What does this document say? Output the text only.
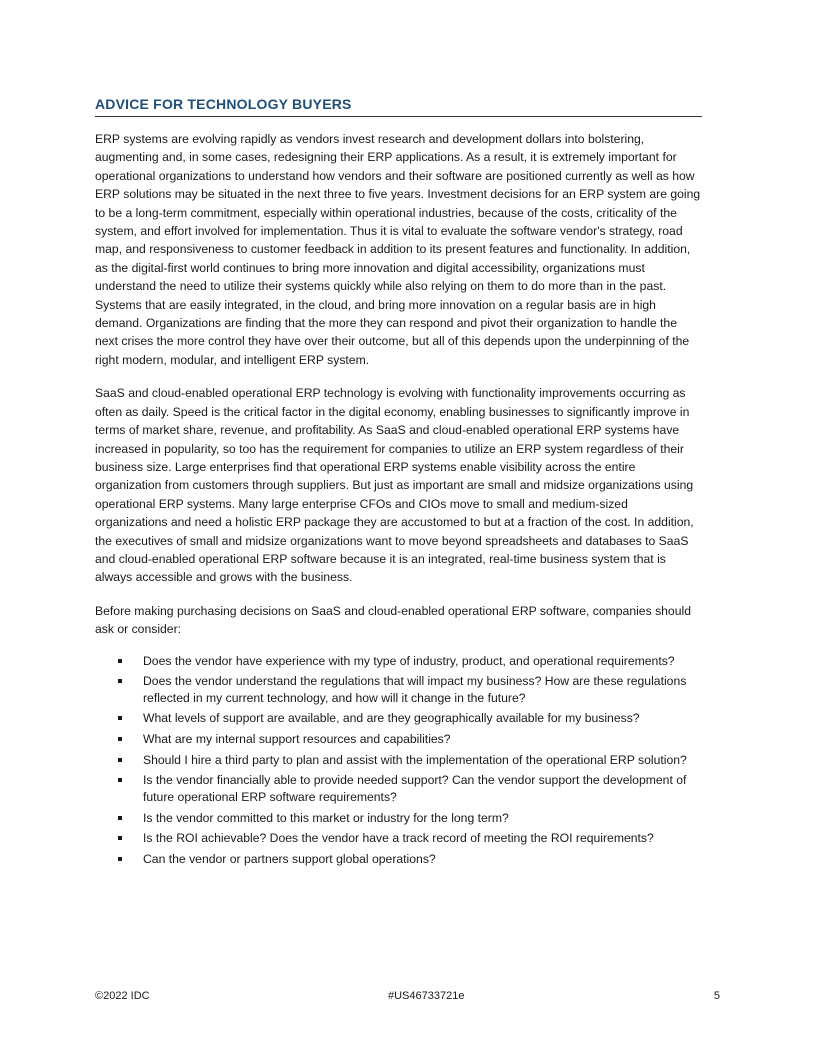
ADVICE FOR TECHNOLOGY BUYERS

ERP systems are evolving rapidly as vendors invest research and development dollars into bolstering, augmenting and, in some cases, redesigning their ERP applications. As a result, it is extremely important for operational organizations to understand how vendors and their software are positioned currently as well as how ERP solutions may be situated in the next three to five years. Investment decisions for an ERP system are going to be a long-term commitment, especially within operational industries, because of the costs, criticality of the system, and effort involved for implementation. Thus it is vital to evaluate the software vendor's strategy, road map, and responsiveness to customer feedback in addition to its present features and functionality. In addition, as the digital-first world continues to bring more innovation and digital accessibility, organizations must understand the need to utilize their systems quickly while also relying on them to do more than in the past. Systems that are easily integrated, in the cloud, and bring more innovation on a regular basis are in high demand. Organizations are finding that the more they can respond and pivot their organization to handle the next crises the more control they have over their outcome, but all of this depends upon the underpinning of the right modern, modular, and intelligent ERP system.

SaaS and cloud-enabled operational ERP technology is evolving with functionality improvements occurring as often as daily. Speed is the critical factor in the digital economy, enabling businesses to significantly improve in terms of market share, revenue, and profitability. As SaaS and cloud-enabled operational ERP systems have increased in popularity, so too has the requirement for companies to utilize an ERP system regardless of their business size. Large enterprises find that operational ERP systems enable visibility across the entire organization from customers through suppliers. But just as important are small and midsize organizations using operational ERP systems. Many large enterprise CFOs and CIOs move to small and medium-sized organizations and need a holistic ERP package they are accustomed to but at a fraction of the cost. In addition, the executives of small and midsize organizations want to move beyond spreadsheets and databases to SaaS and cloud-enabled operational ERP software because it is an integrated, real-time business system that is always accessible and grows with the business.

Before making purchasing decisions on SaaS and cloud-enabled operational ERP software, companies should ask or consider:

Does the vendor have experience with my type of industry, product, and operational requirements?
Does the vendor understand the regulations that will impact my business? How are these regulations reflected in my current technology, and how will it change in the future?
What levels of support are available, and are they geographically available for my business?
What are my internal support resources and capabilities?
Should I hire a third party to plan and assist with the implementation of the operational ERP solution?
Is the vendor financially able to provide needed support? Can the vendor support the development of future operational ERP software requirements?
Is the vendor committed to this market or industry for the long term?
Is the ROI achievable? Does the vendor have a track record of meeting the ROI requirements?
Can the vendor or partners support global operations?
©2022 IDC	#US46733721e	5
